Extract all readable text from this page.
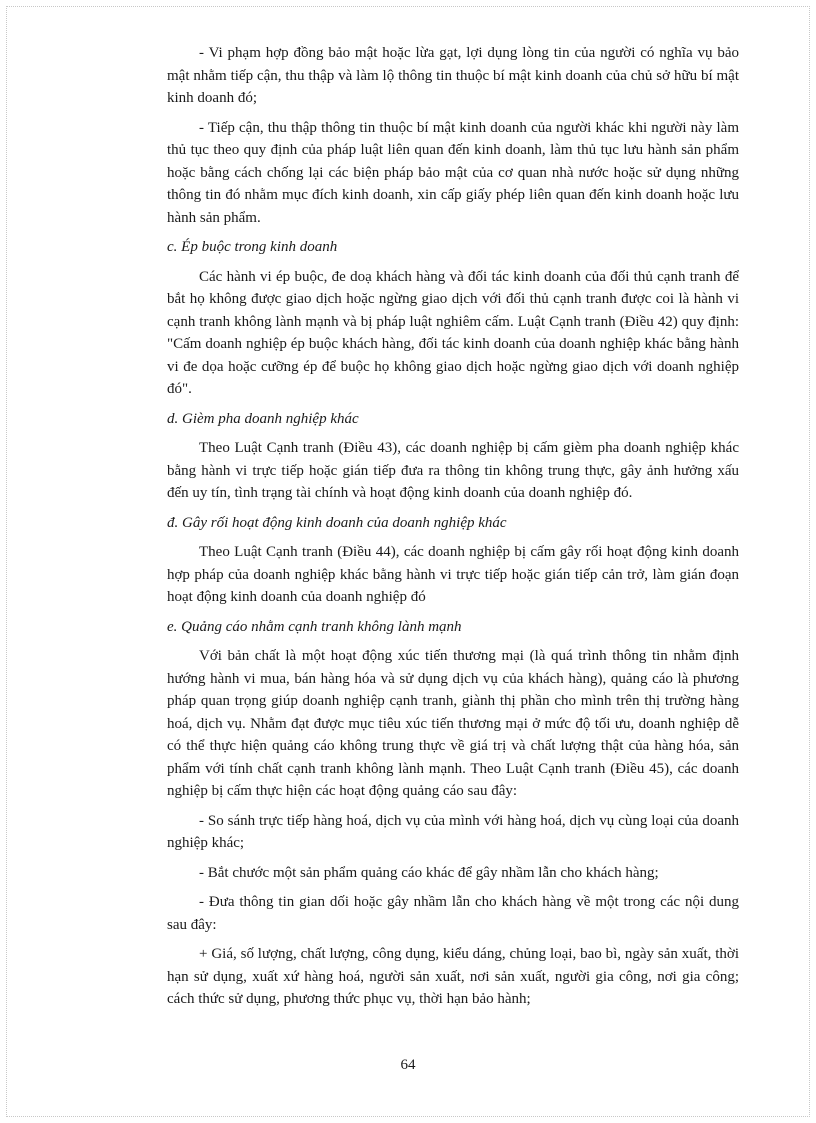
- Vi phạm hợp đồng bảo mật hoặc lừa gạt, lợi dụng lòng tin của người có nghĩa vụ bảo mật nhằm tiếp cận, thu thập và làm lộ thông tin thuộc bí mật kinh doanh của chủ sở hữu bí mật kinh doanh đó;

- Tiếp cận, thu thập thông tin thuộc bí mật kinh doanh của người khác khi người này làm thủ tục theo quy định của pháp luật liên quan đến kinh doanh, làm thủ tục lưu hành sản phẩm hoặc bằng cách chống lại các biện pháp bảo mật của cơ quan nhà nước hoặc sử dụng những thông tin đó nhằm mục đích kinh doanh, xin cấp giấy phép liên quan đến kinh doanh hoặc lưu hành sản phẩm.

c. Ép buộc trong kinh doanh

Các hành vi ép buộc, đe doạ khách hàng và đối tác kinh doanh của đối thủ cạnh tranh để bắt họ không được giao dịch hoặc ngừng giao dịch với đối thủ cạnh tranh được coi là hành vi cạnh tranh không lành mạnh và bị pháp luật nghiêm cấm. Luật Cạnh tranh (Điều 42) quy định: "Cấm doanh nghiệp ép buộc khách hàng, đối tác kinh doanh của doanh nghiệp khác bằng hành vi đe dọa hoặc cưỡng ép để buộc họ không giao dịch hoặc ngừng giao dịch với doanh nghiệp đó".

d. Gièm pha doanh nghiệp khác

Theo Luật Cạnh tranh (Điều 43), các doanh nghiệp bị cấm gièm pha doanh nghiệp khác bằng hành vi trực tiếp hoặc gián tiếp đưa ra thông tin không trung thực, gây ảnh hưởng xấu đến uy tín, tình trạng tài chính và hoạt động kinh doanh của doanh nghiệp đó.

đ. Gây rối hoạt động kinh doanh của doanh nghiệp khác

Theo Luật Cạnh tranh (Điều 44), các doanh nghiệp bị cấm gây rối hoạt động kinh doanh hợp pháp của doanh nghiệp khác bằng hành vi trực tiếp hoặc gián tiếp cản trở, làm gián đoạn hoạt động kinh doanh của doanh nghiệp đó

e. Quảng cáo nhằm cạnh tranh không lành mạnh

Với bản chất là một hoạt động xúc tiến thương mại (là quá trình thông tin nhằm định hướng hành vi mua, bán hàng hóa và sử dụng dịch vụ của khách hàng), quảng cáo là phương pháp quan trọng giúp doanh nghiệp cạnh tranh, giành thị phần cho mình trên thị trường hàng hoá, dịch vụ. Nhằm đạt được mục tiêu xúc tiến thương mại ở mức độ tối ưu, doanh nghiệp dễ có thể thực hiện quảng cáo không trung thực về giá trị và chất lượng thật của hàng hóa, sản phẩm với tính chất cạnh tranh không lành mạnh. Theo Luật Cạnh tranh (Điều 45), các doanh nghiệp bị cấm thực hiện các hoạt động quảng cáo sau đây:

- So sánh trực tiếp hàng hoá, dịch vụ của mình với hàng hoá, dịch vụ cùng loại của doanh nghiệp khác;

- Bắt chước một sản phẩm quảng cáo khác để gây nhầm lẫn cho khách hàng;

- Đưa thông tin gian dối hoặc gây nhầm lẫn cho khách hàng về một trong các nội dung sau đây:

+ Giá, số lượng, chất lượng, công dụng, kiểu dáng, chủng loại, bao bì, ngày sản xuất, thời hạn sử dụng, xuất xứ hàng hoá, người sản xuất, nơi sản xuất, người gia công, nơi gia công; cách thức sử dụng, phương thức phục vụ, thời hạn bảo hành;

64
